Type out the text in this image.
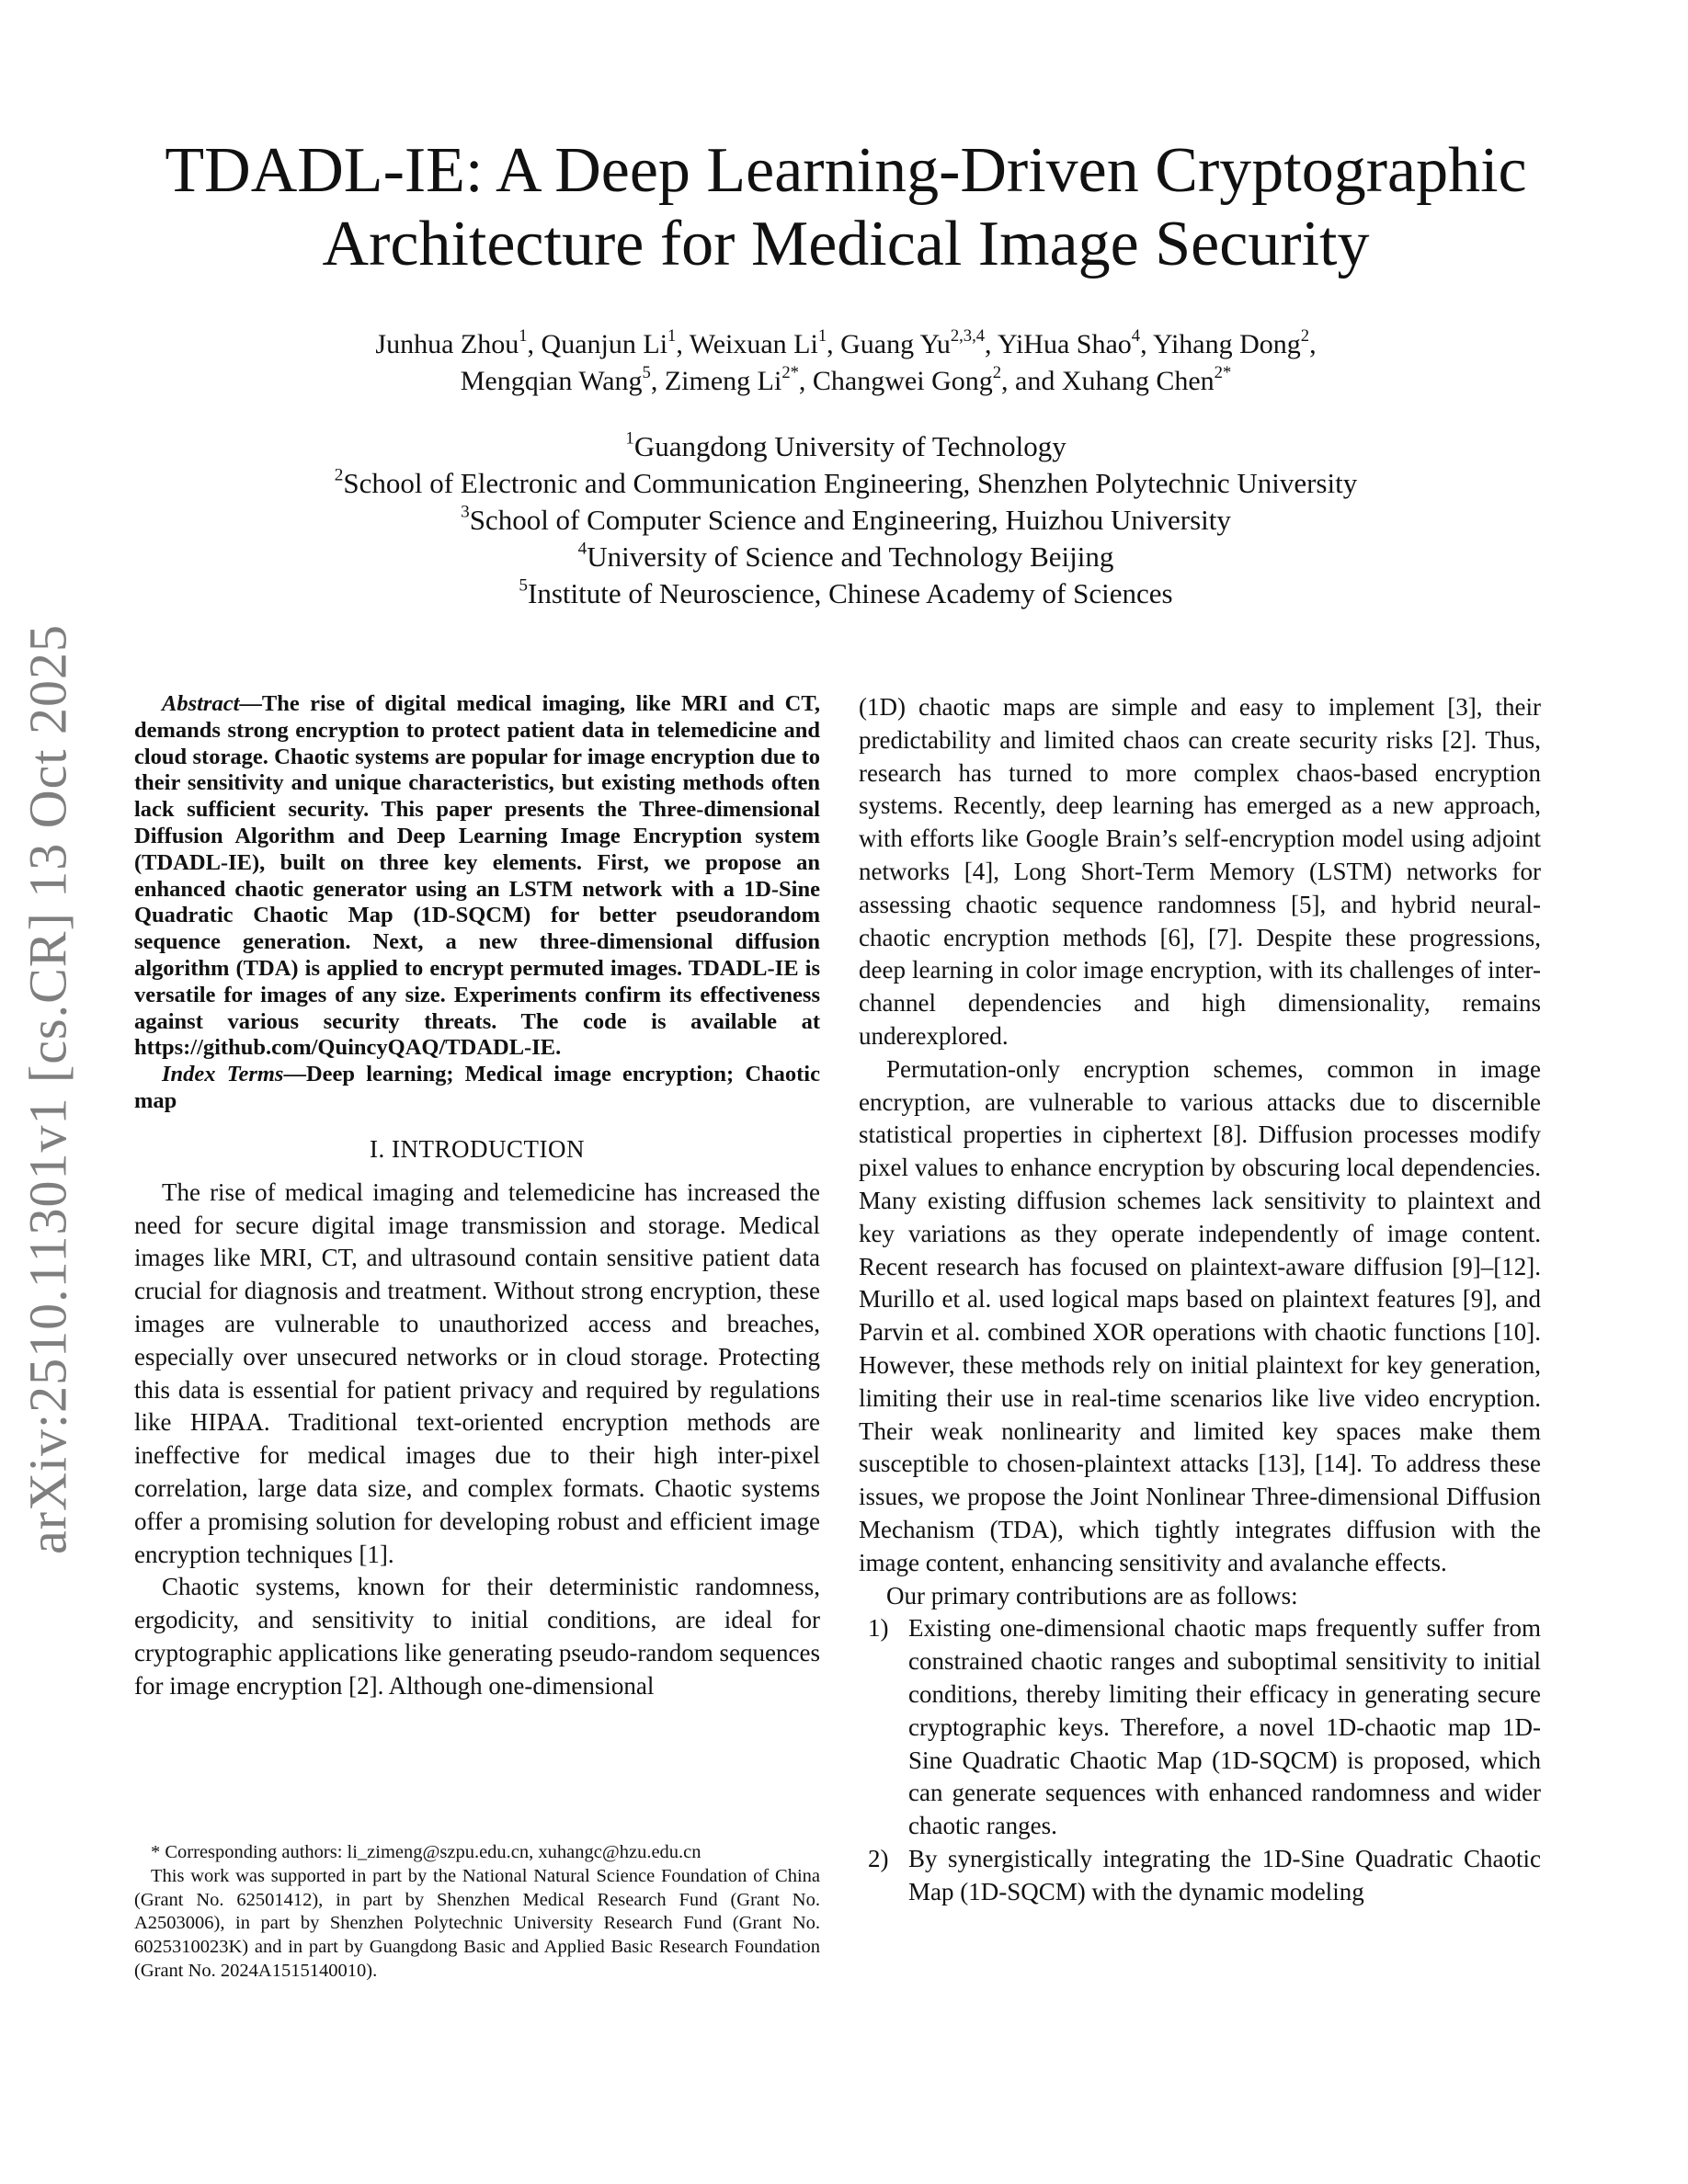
arXiv:2510.11301v1 [cs.CR] 13 Oct 2025
TDADL-IE: A Deep Learning-Driven Cryptographic
Architecture for Medical Image Security
Junhua Zhou$^1$, Quanjun Li$^1$, Weixuan Li$^1$, Guang Yu$^{2,3,4}$, YiHua Shao$^4$, Yihang Dong$^2$,
Mengqian Wang$^5$, Zimeng $Li^{2*}$, Changwei Gong$^2$, and Xuhang Chen$^{2*}$
$^1$Guangdong University of Technology
$^2$School of Electronic and Communication Engineering, Shenzhen Polytechnic University
$^3$School of Computer Science and Engineering, Huizhou University
$^4$University of Science and Technology Beijing
$^5$Institute of Neuroscience, Chinese Academy of Sciences

Abstract—The rise of digital medical imaging, like MRI and CT, demands strong encryption to protect patient data in telemedicine and cloud storage. Chaotic systems are popular for image encryption due to their sensitivity and unique characteristics, but existing methods often lack sufficient security. This paper presents the Three-dimensional Diffusion Algorithm and Deep Learning Image Encryption system (TDADL-IE), built on three key elements. First, we propose an enhanced chaotic generator using an LSTM network with a 1D-Sine Quadratic Chaotic Map (1D-SQCM) for better pseudorandom sequence generation. Next, a new three-dimensional diffusion algorithm (TDA) is applied to encrypt permuted images. TDADL-IE is versatile for images of any size. Experiments confirm its effectiveness against various security threats. The code is available at https://github.com/QuincyQAQ/TDADL-IE.

Index Terms—Deep learning; Medical image encryption; Chaotic map

I. INTRODUCTION

The rise of medical imaging and telemedicine has increased the need for secure digital image transmission and storage. Medical images like MRI, CT, and ultrasound contain sensitive patient data crucial for diagnosis and treatment. Without strong encryption, these images are vulnerable to unauthorized access and breaches, especially over unsecured networks or in cloud storage. Protecting this data is essential for patient privacy and required by regulations like HIPAA. Traditional text-oriented encryption methods are ineffective for medical images due to their high inter-pixel correlation, large data size, and complex formats. Chaotic systems offer a promising solution for developing robust and efficient image encryption techniques [1].

Chaotic systems, known for their deterministic randomness, ergodicity, and sensitivity to initial conditions, are ideal for cryptographic applications like generating pseudo-random sequences for image encryption [2]. Although one-dimensional

(1D) chaotic maps are simple and easy to implement [3], their predictability and limited chaos can create security risks [2]. Thus, research has turned to more complex chaos-based encryption systems. Recently, deep learning has emerged as a new approach, with efforts like Google Brain’s self-encryption model using adjoint networks [4], Long Short-Term Memory (LSTM) networks for assessing chaotic sequence randomness [5], and hybrid neural-chaotic encryption methods [6], [7]. Despite these progressions, deep learning in color image encryption, with its challenges of inter-channel dependencies and high dimensionality, remains underexplored.

Permutation-only encryption schemes, common in image encryption, are vulnerable to various attacks due to discernible statistical properties in ciphertext [8]. Diffusion processes modify pixel values to enhance encryption by obscuring local dependencies. Many existing diffusion schemes lack sensitivity to plaintext and key variations as they operate independently of image content. Recent research has focused on plaintext-aware diffusion [9]–[12]. Murillo et al. used logical maps based on plaintext features [9], and Parvin et al. combined XOR operations with chaotic functions [10]. However, these methods rely on initial plaintext for key generation, limiting their use in real-time scenarios like live video encryption. Their weak nonlinearity and limited key spaces make them susceptible to chosen-plaintext attacks [13], [14]. To address these issues, we propose the Joint Nonlinear Three-dimensional Diffusion Mechanism (TDA), which tightly integrates diffusion with the image content, enhancing sensitivity and avalanche effects.

Our primary contributions are as follows:

1) Existing one-dimensional chaotic maps frequently suffer from constrained chaotic ranges and suboptimal sensitivity to initial conditions, thereby limiting their efficacy in generating secure cryptographic keys. Therefore, a novel 1D-chaotic map 1D-Sine Quadratic Chaotic Map (1D-SQCM) is proposed, which can generate sequences with enhanced randomness and wider chaotic ranges.
2) By synergistically integrating the 1D-Sine Quadratic Chaotic Map (1D-SQCM) with the dynamic modeling

* Corresponding authors: li_zimeng@szpu.edu.cn, xuhangc@hzu.edu.cn

This work was supported in part by the National Natural Science Foundation of China (Grant No. 62501412), in part by Shenzhen Medical Research Fund (Grant No. A2503006), in part by Shenzhen Polytechnic University Research Fund (Grant No. 6025310023K) and in part by Guangdong Basic and Applied Basic Research Foundation (Grant No. 2024A1515140010).
